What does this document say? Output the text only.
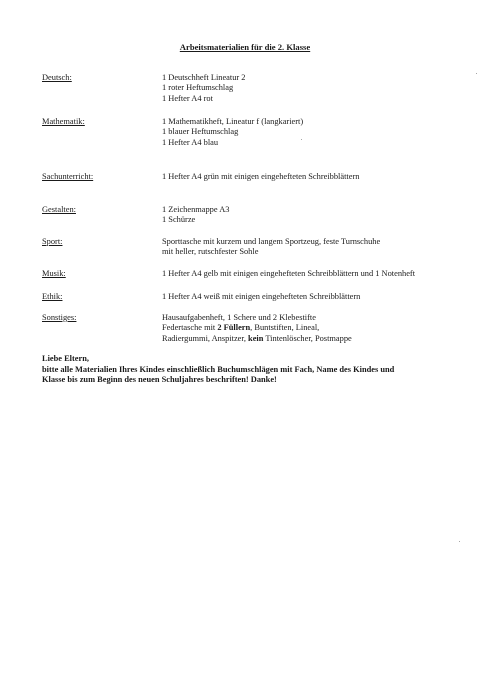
Arbeitsmaterialien für die 2. Klasse
Deutsch:	1 Deutschheft Lineatur 2
1 roter Heftumschlag
1 Hefter A4 rot
Mathematik:	1 Mathematikheft, Lineatur f (langkariert)
1 blauer Heftumschlag
1 Hefter A4 blau
Sachunterricht:	1 Hefter A4 grün mit einigen eingehefteten Schreibblättern
Gestalten:	1 Zeichenmappe A3
1 Schürze
Sport:	Sporttasche mit kurzem und langem Sportzeug, feste Turnschuhe
mit heller, rutschfester Sohle
Musik:	1 Hefter A4 gelb mit einigen eingehefteten Schreibblättern und 1 Notenheft
Ethik:	1 Hefter A4 weiß mit einigen eingehefteten Schreibblättern
Sonstiges:	Hausaufgabenheft, 1 Schere und 2 Klebestifte
Federtasche mit 2 Füllern, Buntstiften, Lineal,
Radiergummi, Anspitzer, kein Tintenlöscher, Postmappe
Liebe Eltern,
bitte alle Materialien Ihres Kindes einschließlich Buchumschlägen mit Fach, Name des Kindes und
Klasse bis zum Beginn des neuen Schuljahres beschriften! Danke!
